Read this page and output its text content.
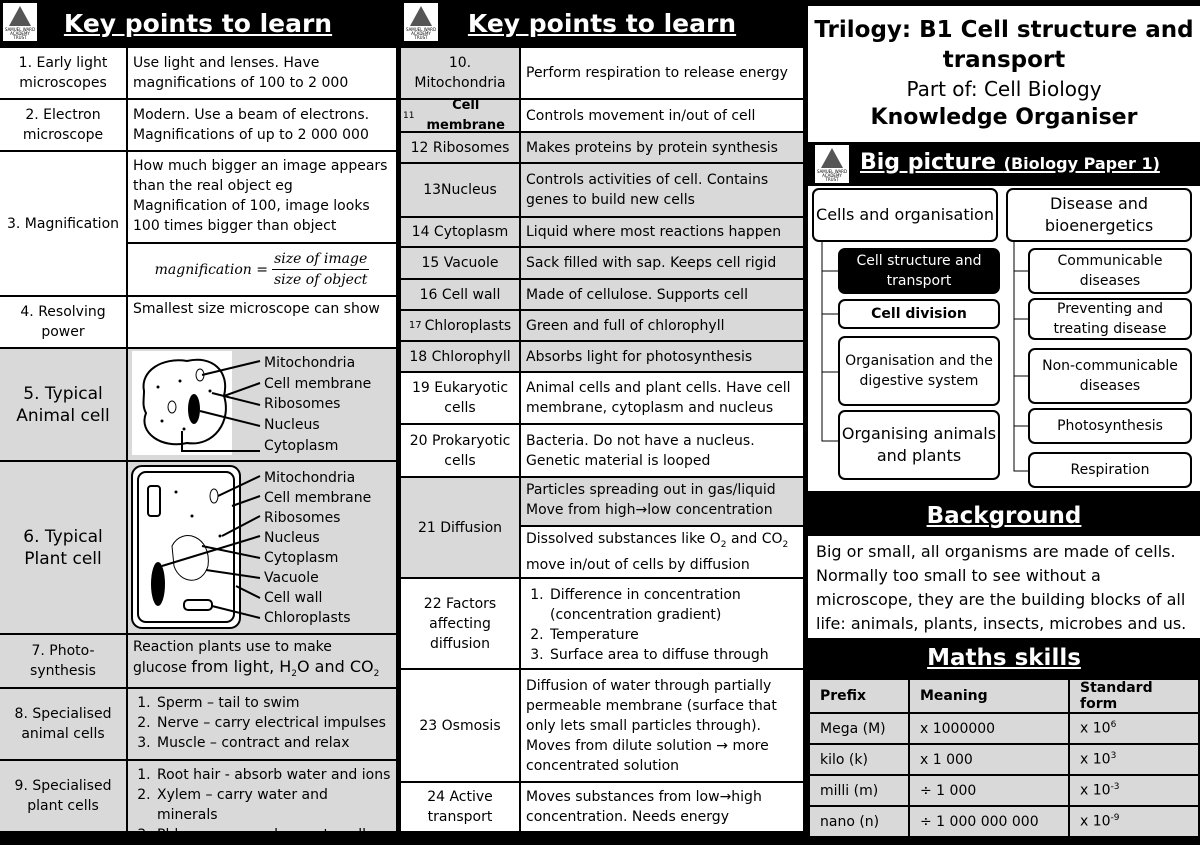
SAMUEL WARD ACADEMY TRUST	Key points to learn
1. Early light microscopes
Use light and lenses. Have magnifications of 100 to 2 000
2. Electron microscope
Modern. Use a beam of electrons. Magnifications of up to 2 000 000
3. Magnification
How much bigger an image appears than the real object eg Magnification of 100, image looks 100 times bigger than object
magnification = $\frac{\text{size of image}}{\text{size of object}}$
4. Resolving power
Smallest size microscope can show
5. Typical Animal cell
Mitochondria
Cell membrane
Ribosomes
Nucleus
Cytoplasm
6. Typical Plant cell
Mitochondria
Cell membrane
Ribosomes
Nucleus
Cytoplasm
Vacuole
Cell wall
Chloroplasts
7. Photo-synthesis
Reaction plants use to make
glucose from light, $H_2O$ and $CO_2$
8. Specialised animal cells
1. Sperm – tail to swim
2. Nerve – carry electrical impulses
3. Muscle – contract and relax
9. Specialised plant cells
1. Root hair - absorb water and ions
2. Xylem – carry water and minerals
3. Phloem – carry glucose to cells
SAMUEL WARD ACADEMY TRUST	Key points to learn
10. Mitochondria
Perform respiration to release energy
11
Cell membrane
Controls movement in/out of cell
12 Ribosomes	Makes proteins by protein synthesis
13Nucleus
Controls activities of cell. Contains genes to build new cells
14 Cytoplasm	Liquid where most reactions happen
15 Vacuole	Sack filled with sap. Keeps cell rigid
16 Cell wall	Made of cellulose. Supports cell
17 Chloroplasts	Green and full of chlorophyll
18 Chlorophyll	Absorbs light for photosynthesis
19 Eukaryotic cells
Animal cells and plant cells. Have cell membrane, cytoplasm and nucleus
20 Prokaryotic cells
Bacteria. Do not have a nucleus. Genetic material is looped
21 Diffusion
Particles spreading out in gas/liquid Move from high→low concentration
Dissolved substances like $O_2$ and $CO_2$ move in/out of cells by diffusion
22 Factors affecting diffusion
1. Difference in concentration (concentration gradient)
2. Temperature
3. Surface area to diffuse through
23 Osmosis
Diffusion of water through partially permeable membrane (surface that only lets small particles through). Moves from dilute solution → more concentrated solution
24 Active transport
Moves substances from low→high concentration. Needs energy
Trilogy: B1 Cell structure and transport
Part of: Cell Biology
Knowledge Organiser
SAMUEL WARD ACADEMY TRUST
Big picture (Biology Paper 1)
Cells and organisation
Disease and bioenergetics
Cell structure and transport
Cell division
Organisation and the digestive system
Organising animals and plants
Communicable diseases
Preventing and treating disease
Non-communicable diseases
Photosynthesis
Respiration
Background
Big or small, all organisms are made of cells. Normally too small to see without a microscope, they are the building blocks of all life: animals, plants, insects, microbes and us.
Maths skills
Prefix	Meaning	Standard form
Mega (M)	x 1000000	x $10^6$
kilo (k)	x 1 000	x $10^3$
milli (m)	÷ 1 000	x $10^{-3}$
nano (n)	÷ 1 000 000 000	x $10^{-9}$
